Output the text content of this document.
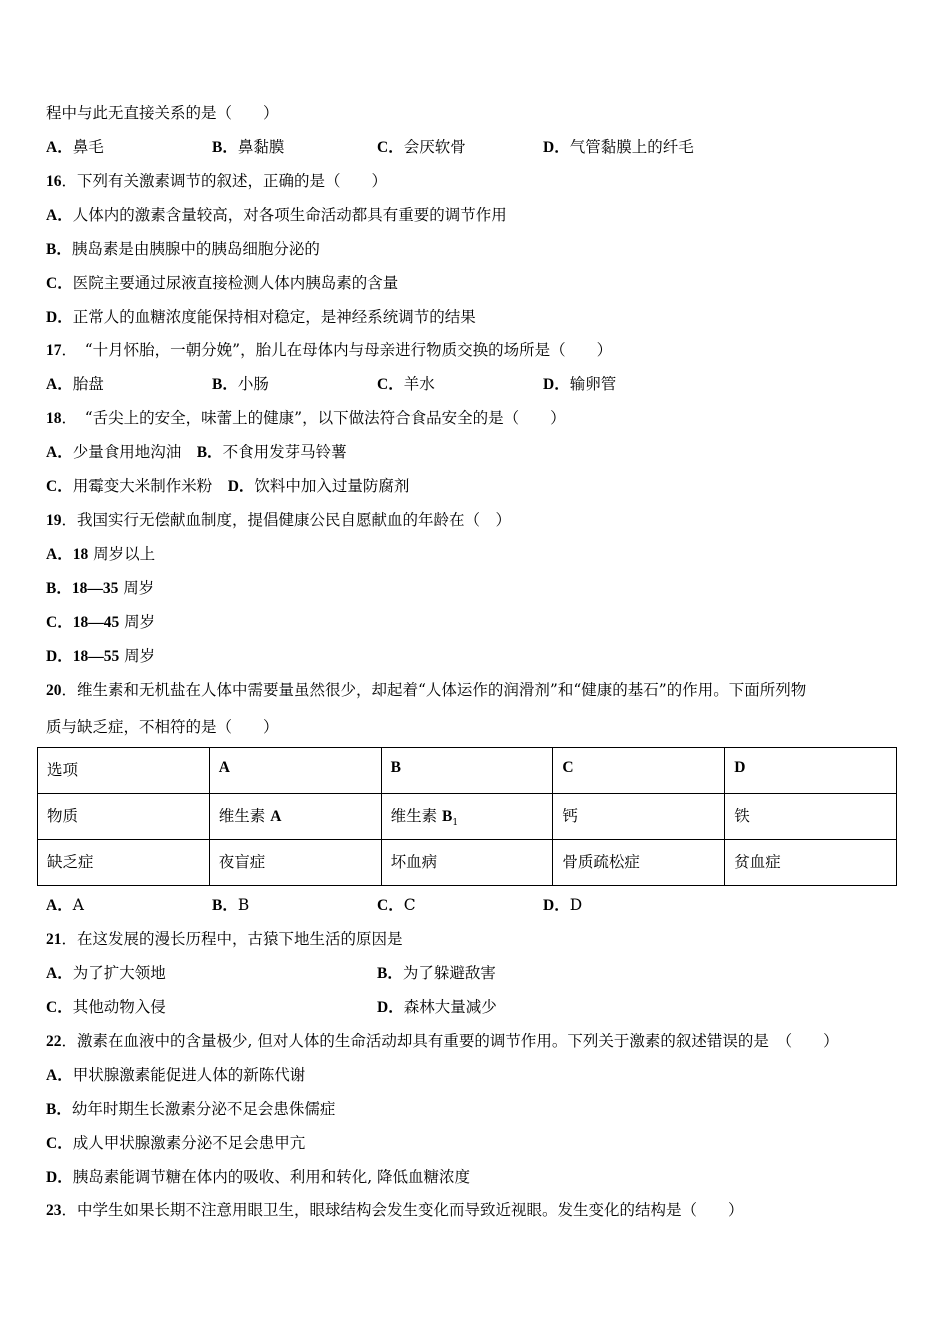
程中与此无直接关系的是（　　）
A．鼻毛	B．鼻黏膜	C．会厌软骨	D．气管黏膜上的纤毛
16．下列有关激素调节的叙述，正确的是（　　）
A．人体内的激素含量较高，对各项生命活动都具有重要的调节作用
B．胰岛素是由胰腺中的胰岛细胞分泌的
C．医院主要通过尿液直接检测人体内胰岛素的含量
D．正常人的血糖浓度能保持相对稳定，是神经系统调节的结果
17．　“十月怀胎，一朝分娩”，胎儿在母体内与母亲进行物质交换的场所是（　　）
A．胎盘	B．小肠	C．羊水	D．输卵管
18．　“舌尖上的安全，味蕾上的健康”，以下做法符合食品安全的是（　　）
A．少量食用地沟油　B．不食用发芽马铃薯
C．用霉变大米制作米粉　D．饮料中加入过量防腐剂
19．我国实行无偿献血制度，提倡健康公民自愿献血的年龄在（　）
A．18 周岁以上
B．18—35 周岁
C．18—45 周岁
D．18—55 周岁
20．维生素和无机盐在人体中需要量虽然很少，却起着“人体运作的润滑剂”和“健康的基石”的作用。下面所列物
质与缺乏症，不相符的是（　　）
选项	A	B	C	D
物质	维生素 A	维生素 $B_1$	钙	铁
缺乏症	夜盲症	坏血病	骨质疏松症	贫血症
A．A	B．B	C．C	D．D
21．在这发展的漫长历程中，古猿下地生活的原因是
A．为了扩大领地	B．为了躲避敌害
C．其他动物入侵	D．森林大量减少
22．激素在血液中的含量极少, 但对人体的生命活动却具有重要的调节作用。下列关于激素的叙述错误的是　（　　）
A．甲状腺激素能促进人体的新陈代谢
B．幼年时期生长激素分泌不足会患侏儒症
C．成人甲状腺激素分泌不足会患甲亢
D．胰岛素能调节糖在体内的吸收、利用和转化, 降低血糖浓度
23．中学生如果长期不注意用眼卫生，眼球结构会发生变化而导致近视眼。发生变化的结构是（　　）
